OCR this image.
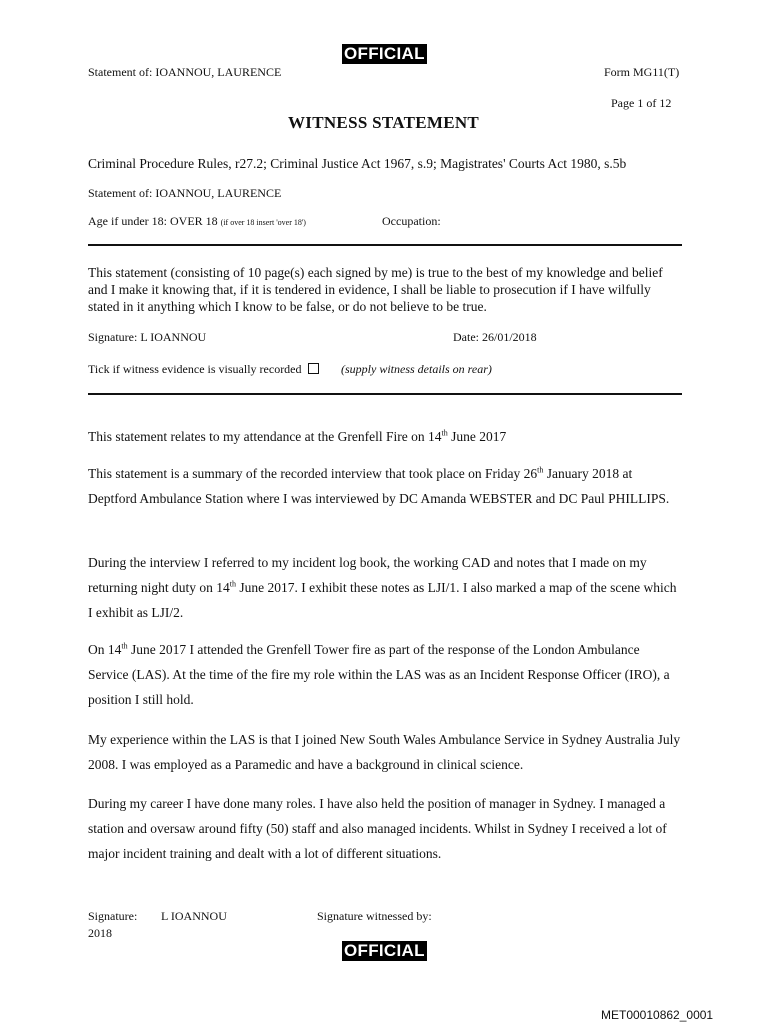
OFFICIAL
Statement of: IOANNOU, LAURENCE	Form MG11(T)
Page 1 of 12
WITNESS STATEMENT
Criminal Procedure Rules, r27.2; Criminal Justice Act 1967, s.9; Magistrates' Courts Act 1980, s.5b
Statement of: IOANNOU, LAURENCE
Age if under 18: OVER 18 (if over 18 insert 'over 18')	Occupation:

This statement (consisting of 10 page(s) each signed by me) is true to the best of my knowledge and belief and I make it knowing that, if it is tendered in evidence, I shall be liable to prosecution if I have wilfully stated in it anything which I know to be false, or do not believe to be true.

Signature: L IOANNOU	Date: 26/01/2018
Tick if witness evidence is visually recorded	(supply witness details on rear)

This statement relates to my attendance at the Grenfell Fire on 14th June 2017

This statement is a summary of the recorded interview that took place on Friday 26th January 2018 at Deptford Ambulance Station where I was interviewed by DC Amanda WEBSTER and DC Paul PHILLIPS.

During the interview I referred to my incident log book, the working CAD and notes that I made on my returning night duty on 14th June 2017. I exhibit these notes as LJI/1. I also marked a map of the scene which I exhibit as LJI/2.

On 14th June 2017 I attended the Grenfell Tower fire as part of the response of the London Ambulance Service (LAS). At the time of the fire my role within the LAS was as an Incident Response Officer (IRO), a position I still hold.

My experience within the LAS is that I joined New South Wales Ambulance Service in Sydney Australia July 2008. I was employed as a Paramedic and have a background in clinical science.

During my career I have done many roles. I have also held the position of manager in Sydney. I managed a station and oversaw around fifty (50) staff and also managed incidents. Whilst in Sydney I received a lot of major incident training and dealt with a lot of different situations.

Signature: L IOANNOU
2018
Signature witnessed by:
OFFICIAL
MET00010862_0001
